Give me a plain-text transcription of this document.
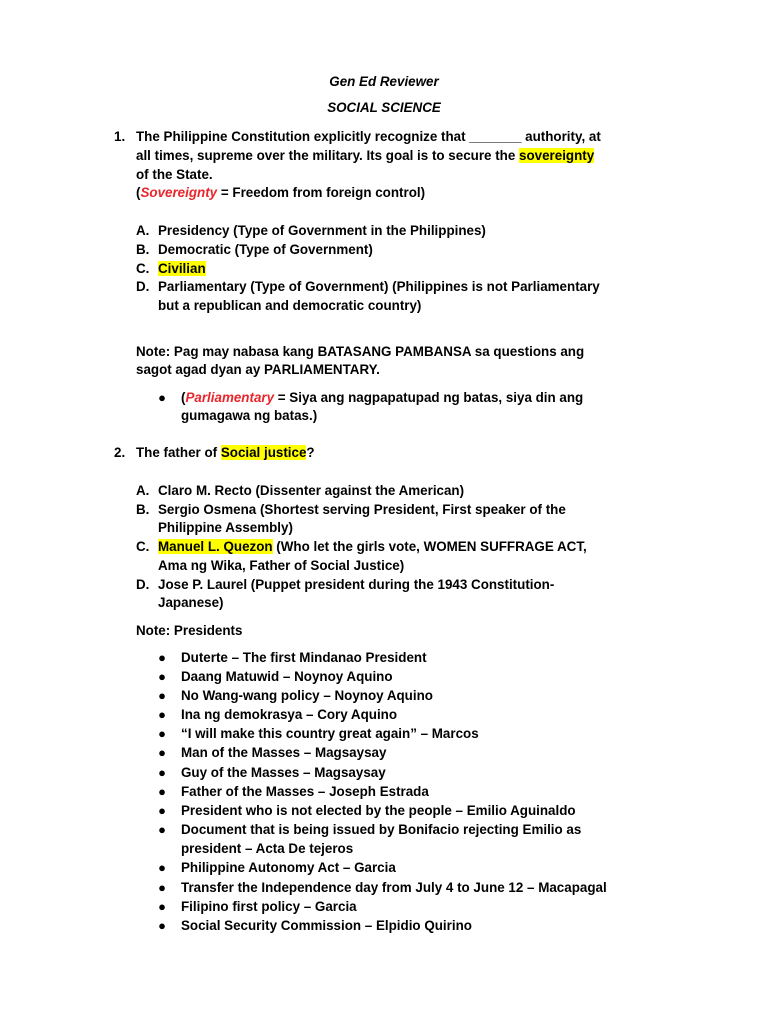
Gen Ed Reviewer
SOCIAL SCIENCE
1. The Philippine Constitution explicitly recognize that _______ authority, at
all times, supreme over the military. Its goal is to secure the sovereignty
of the State.
(Sovereignty = Freedom from foreign control)
A. Presidency (Type of Government in the Philippines)
B. Democratic (Type of Government)
C. Civilian
D. Parliamentary (Type of Government) (Philippines is not Parliamentary
but a republican and democratic country)
Note: Pag may nabasa kang BATASANG PAMBANSA sa questions ang
sagot agad dyan ay PARLIAMENTARY.
● (Parliamentary = Siya ang nagpapatupad ng batas, siya din ang
gumagawa ng batas.)
2. The father of Social justice?
A. Claro M. Recto (Dissenter against the American)
B. Sergio Osmena (Shortest serving President, First speaker of the
Philippine Assembly)
C. Manuel L. Quezon (Who let the girls vote, WOMEN SUFFRAGE ACT,
Ama ng Wika, Father of Social Justice)
D. Jose P. Laurel (Puppet president during the 1943 Constitution-
Japanese)
Note: Presidents
● Duterte – The first Mindanao President
● Daang Matuwid – Noynoy Aquino
● No Wang-wang policy – Noynoy Aquino
● Ina ng demokrasya – Cory Aquino
● “I will make this country great again” – Marcos
● Man of the Masses – Magsaysay
● Guy of the Masses – Magsaysay
● Father of the Masses – Joseph Estrada
● President who is not elected by the people – Emilio Aguinaldo
● Document that is being issued by Bonifacio rejecting Emilio as
president – Acta De tejeros
● Philippine Autonomy Act – Garcia
● Transfer the Independence day from July 4 to June 12 – Macapagal
● Filipino first policy – Garcia
● Social Security Commission – Elpidio Quirino
